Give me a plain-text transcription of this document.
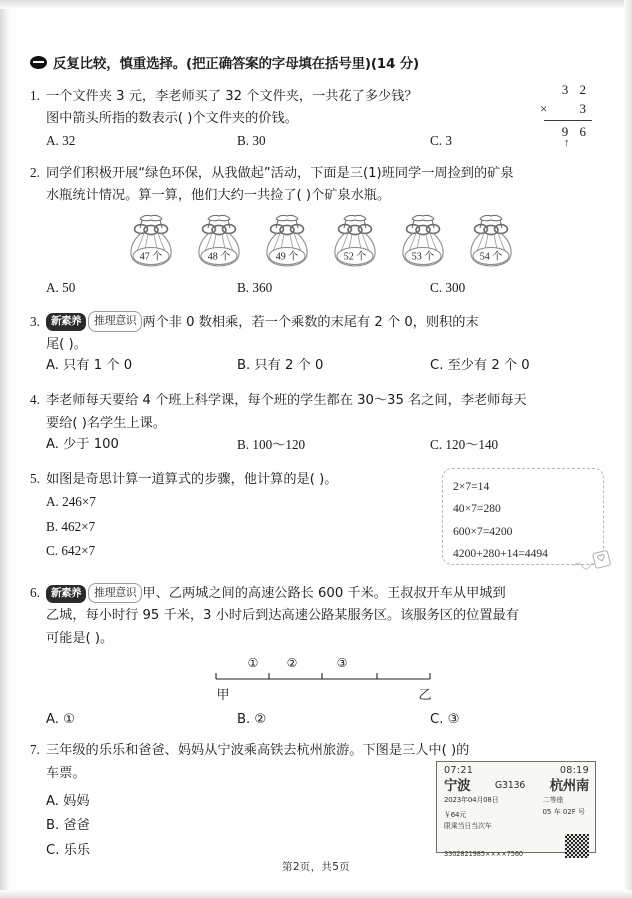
反复比较，慎重选择。(把正确答案的字母填在括号里)(14 分)
3 2
× 3
9 6
↑
1. 一个文件夹 3 元，李老师买了 32 个文件夹，一共花了多少钱？
图中箭头所指的数表示( )个文件夹的价钱。
A. 32	B. 30	C. 3
2. 同学们积极开展“绿色环保，从我做起”活动，下面是三(1)班同学一周捡到的矿泉
水瓶统计情况。算一算，他们大约一共捡了( )个矿泉水瓶。
47 个	48 个	49 个	52 个	53 个	54 个
A. 50	B. 360	C. 300
3. 新素养 推理意识 两个非 0 数相乘，若一个乘数的末尾有 2 个 0，则积的末
尾( )。
A. 只有 1 个 0	B. 只有 2 个 0	C. 至少有 2 个 0
4. 李老师每天要给 4 个班上科学课，每个班的学生都在 30～35 名之间，李老师每天
要给( )名学生上课。
A. 少于 100	B. 100～120	C. 120～140
2×7=14
40×7=280
600×7=4200
4200+280+14=4494
5. 如图是奇思计算一道算式的步骤，他计算的是( )。
A. 246×7
B. 462×7
C. 642×7
6. 新素养 推理意识 甲、乙两城之间的高速公路长 600 千米。王叔叔开车从甲城到
乙城，每小时行 95 千米，3 小时后到达高速公路某服务区。该服务区的位置最有
可能是( )。
① ②	③
甲	乙
A. ①	B. ②	C. ③
07:21	08:19
宁波	G3136 杭州南
2023年04月08日
￥64元
限乘当日当次车
二等座
05 车 02F 号
3302821985××××7560
7. 三年级的乐乐和爸爸、妈妈从宁波乘高铁去杭州旅游。下图是三人中( )的
车票。
A. 妈妈
B. 爸爸
C. 乐乐
第2页，共5页
